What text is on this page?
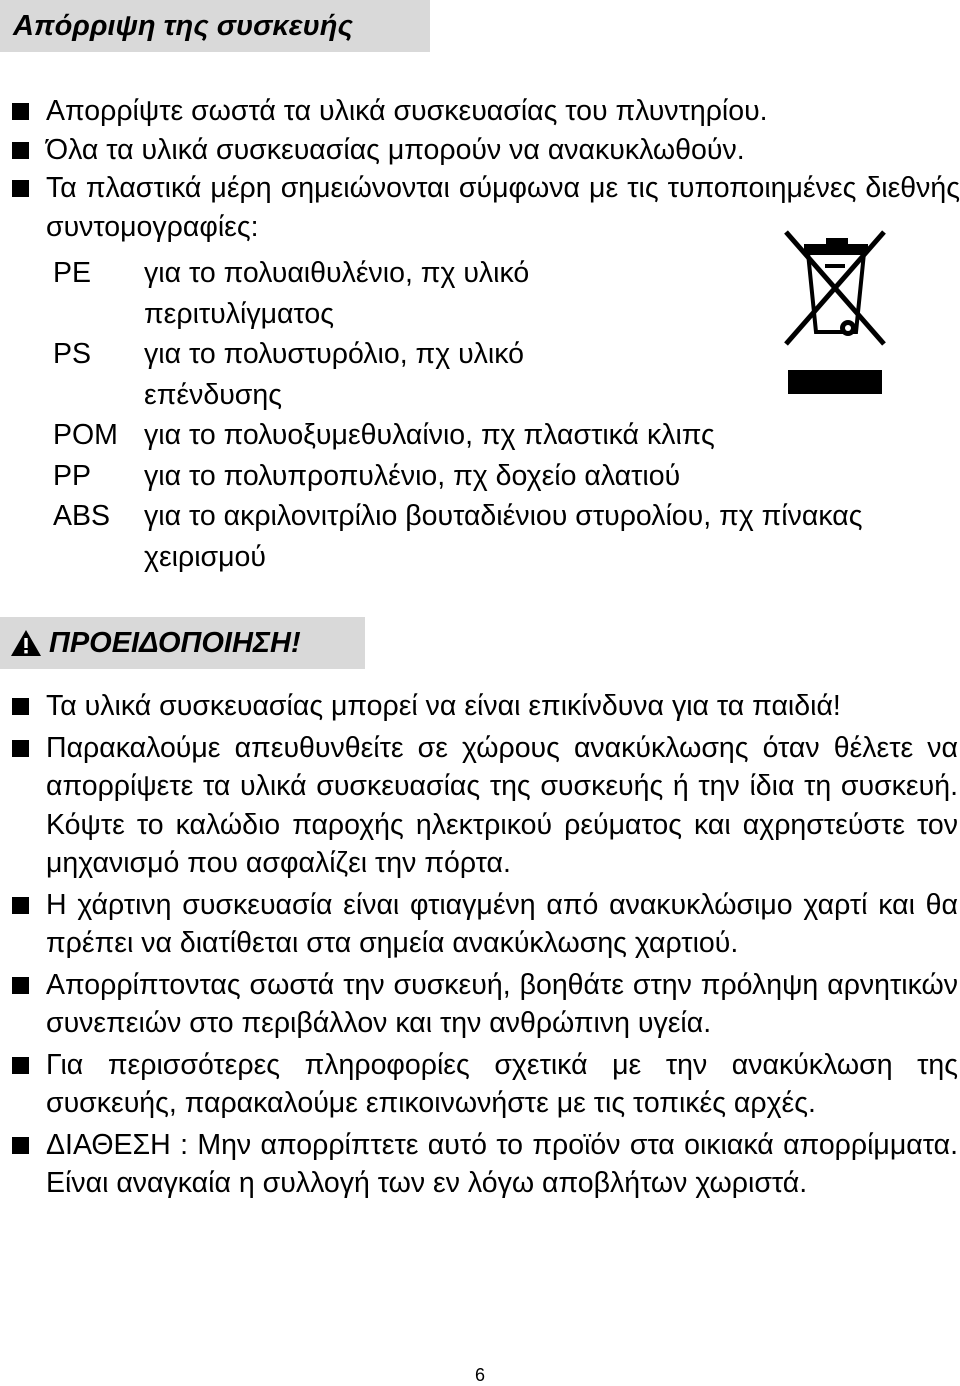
Απόρριψη της συσκευής
Απορρίψτε σωστά τα υλικά συσκευασίας του πλυντηρίου.
Όλα τα υλικά συσκευασίας μπορούν να ανακυκλωθούν.
Τα πλαστικά μέρη σημειώνονται σύμφωνα με τις τυποποιημένες διεθνής συντομογραφίες:
PE	για το πολυαιθυλένιο, πχ υλικό περιτυλίγματος
PS	για το πολυστυρόλιο, πχ υλικό επένδυσης
POM για το πολυοξυμεθυλαίνιο, πχ πλαστικά κλιπς
PP	για το πολυπροπυλένιο, πχ δοχείο αλατιού
ABS	για το ακριλονιτρίλιο βουταδιένιου στυρολίου, πχ πίνακας χειρισμού
ΠΡΟΕΙΔΟΠΟΙΗΣΗ!
Τα υλικά συσκευασίας μπορεί να είναι επικίνδυνα για τα παιδιά!
Παρακαλούμε απευθυνθείτε σε χώρους ανακύκλωσης όταν θέλετε να απορρίψετε τα υλικά συσκευασίας της συσκευής ή την ίδια τη συσκευή. Κόψτε το καλώδιο παροχής ηλεκτρικού ρεύματος και αχρηστεύστε τον μηχανισμό που ασφαλίζει την πόρτα.
Η χάρτινη συσκευασία είναι φτιαγμένη από ανακυκλώσιμο χαρτί και θα πρέπει να διατίθεται στα σημεία ανακύκλωσης χαρτιού.
Απορρίπτοντας σωστά την συσκευή, βοηθάτε στην πρόληψη αρνητικών συνεπειών στο περιβάλλον και την ανθρώπινη υγεία.
Για περισσότερες πληροφορίες σχετικά με την ανακύκλωση της συσκευής, παρακαλούμε επικοινωνήστε με τις τοπικές αρχές.
ΔΙΑΘΕΣΗ : Μην απορρίπτετε αυτό το προϊόν στα οικιακά απορρίμματα. Είναι αναγκαία η συλλογή των εν λόγω αποβλήτων χωριστά.
6
